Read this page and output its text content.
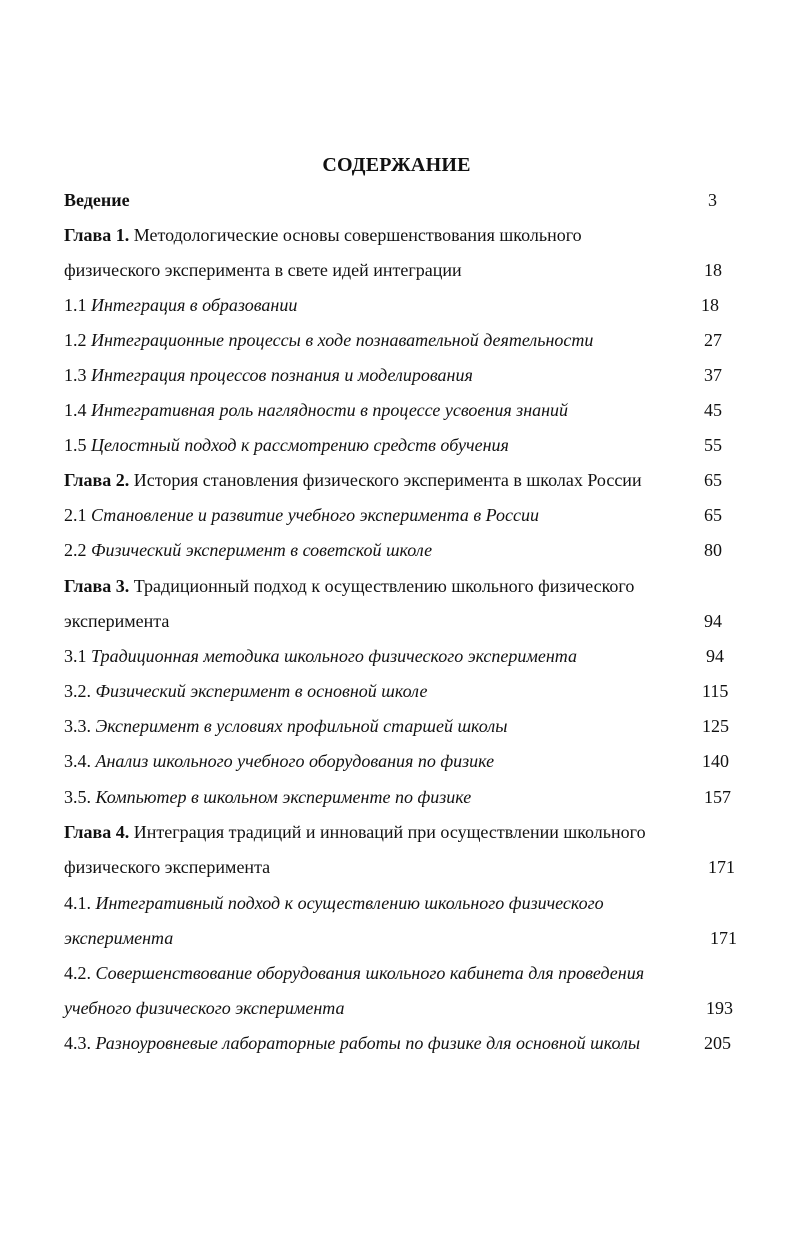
СОДЕРЖАНИЕ
Ведение	3
Глава 1. Методологические основы совершенствования школьного
физического эксперимента в свете идей интеграции	18
1.1 Интеграция в образовании	18
1.2 Интеграционные процессы в ходе познавательной деятельности	27
1.3 Интеграция процессов познания и моделирования	37
1.4 Интегративная роль наглядности в процессе усвоения знаний	45
1.5 Целостный подход к рассмотрению средств обучения	55
Глава 2. История становления физического эксперимента в школах России	65
2.1 Становление и развитие учебного эксперимента в России	65
2.2 Физический эксперимент в советской школе	80
Глава 3. Традиционный подход к осуществлению школьного физического
эксперимента	94
3.1 Традиционная методика школьного физического эксперимента	94
3.2. Физический эксперимент в основной школе	115
3.3. Эксперимент в условиях профильной старшей школы	125
3.4. Анализ школьного учебного оборудования по физике	140
3.5. Компьютер в школьном эксперименте по физике	157
Глава 4. Интеграция традиций и инноваций при осуществлении школьного
физического эксперимента	171
4.1. Интегративный подход к осуществлению школьного физического
эксперимента	171
4.2. Совершенствование оборудования школьного кабинета для проведения
учебного физического эксперимента	193
4.3. Разноуровневые лабораторные работы по физике для основной школы	205
